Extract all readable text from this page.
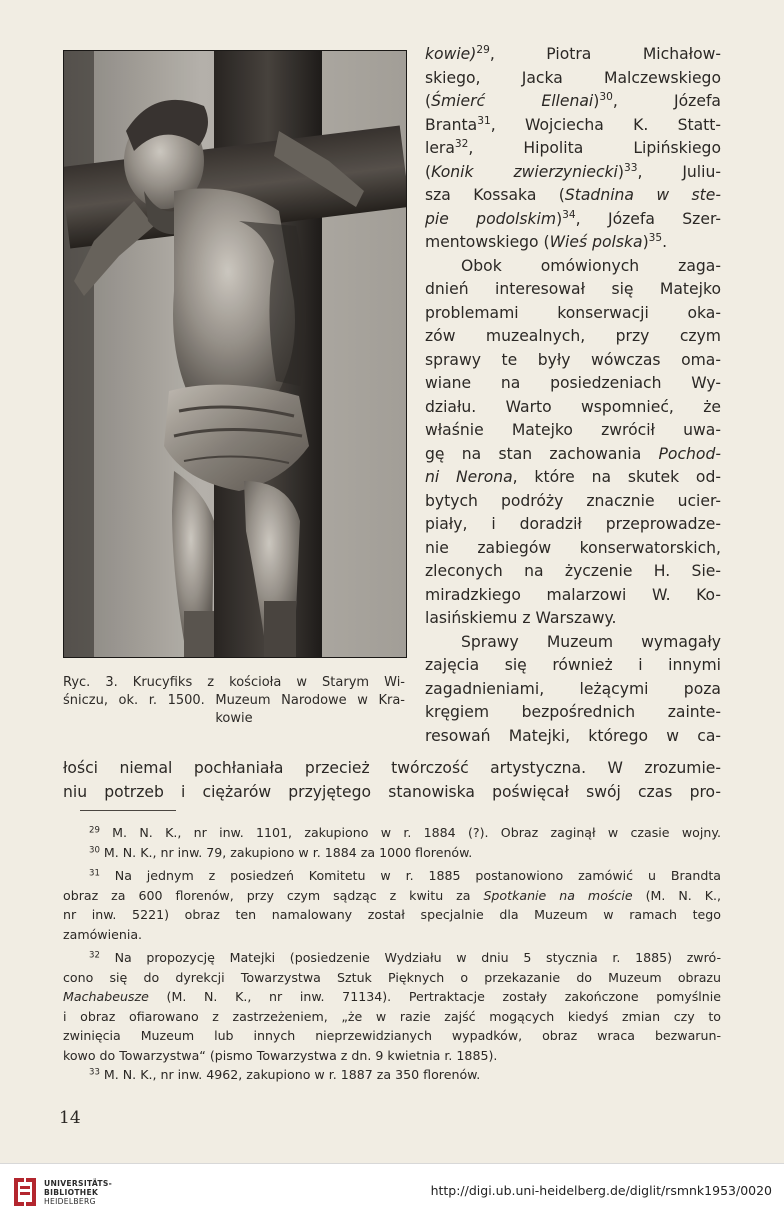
Ryc. 3. Krucyfiks z kościoła w Starym Wi-
śniczu, ok. r. 1500. Muzeum Narodowe w Kra-
kowie
kowie)$^{29}$, Piotra Michałow-
skiego, Jacka Malczewskiego
(Śmierć Ellenai)$^{30}$, Józefa
Branta$^{31}$, Wojciecha K. Statt-
lera$^{32}$, Hipolita Lipińskiego
(Konik zwierzyniecki)$^{33}$, Juliu-
sza Kossaka (Stadnina w ste-
pie podolskim)$^{34}$, Józefa Szer-
mentowskiego (Wieś polska)$^{35}$.
Obok omówionych zaga-
dnień interesował się Matejko
problemami konserwacji oka-
zów muzealnych, przy czym
sprawy te były wówczas oma-
wiane na posiedzeniach Wy-
działu. Warto wspomnieć, że
właśnie Matejko zwrócił uwa-
gę na stan zachowania Pochod-
ni Nerona, które na skutek od-
bytych podróży znacznie ucier-
piały, i doradził przeprowadze-
nie zabiegów konserwatorskich,
zleconych na życzenie H. Sie-
miradzkiego malarzowi W. Ko-
lasińskiemu z Warszawy.
Sprawy Muzeum wymagały
zajęcia się również i innymi
zagadnieniami, leżącymi poza
kręgiem bezpośrednich zainte-
resowań Matejki, którego w ca-
łości niemal pochłaniała przecież twórczość artystyczna. W zrozumie-
niu potrzeb i ciężarów przyjętego stanowiska poświęcał swój czas pro-
$^{29}$ M. N. K., nr inw. 1101, zakupiono w r. 1884 (?). Obraz zaginął w czasie wojny.
$^{30}$ M. N. K., nr inw. 79, zakupiono w r. 1884 za 1000 florenów.
$^{31}$ Na jednym z posiedzeń Komitetu w r. 1885 postanowiono zamówić u Brandta
obraz za 600 florenów, przy czym sądząc z kwitu za Spotkanie na moście (M. N. K.,
nr inw. 5221) obraz ten namalowany został specjalnie dla Muzeum w ramach tego
zamówienia.
$^{32}$ Na propozycję Matejki (posiedzenie Wydziału w dniu 5 stycznia r. 1885) zwró-
cono się do dyrekcji Towarzystwa Sztuk Pięknych o przekazanie do Muzeum obrazu
Machabeusze (M. N. K., nr inw. 71134). Pertraktacje zostały zakończone pomyślnie
i obraz ofiarowano z zastrzeżeniem, „że w razie zajść mogących kiedyś zmian czy to
zwinięcia Muzeum lub innych nieprzewidzianych wypadków, obraz wraca bezwarun-
kowo do Towarzystwa“ (pismo Towarzystwa z dn. 9 kwietnia r. 1885).
$^{33}$ M. N. K., nr inw. 4962, zakupiono w r. 1887 za 350 florenów.
14
UNIVERSITÄTS-
BIBLIOTHEK
HEIDELBERG
http://digi.ub.uni-heidelberg.de/diglit/rsmnk1953/0020
